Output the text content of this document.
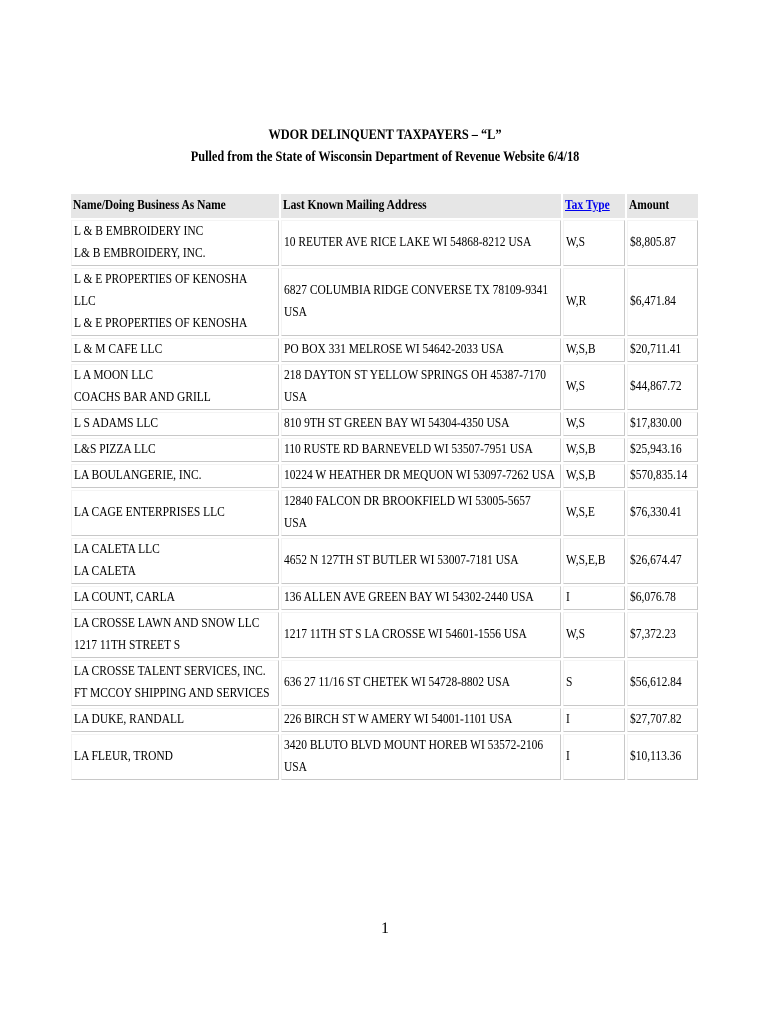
WDOR DELINQUENT TAXPAYERS – “L”
Pulled from the State of Wisconsin Department of Revenue Website 6/4/18
Name/Doing Business As Name	Last Known Mailing Address	Tax Type	Amount

L & B EMBROIDERY INC
L& B EMBROIDERY, INC.	10 REUTER AVE RICE LAKE WI 54868-8212 USA	W,S	$8,805.87

L & E PROPERTIES OF KENOSHA
LLC
L & E PROPERTIES OF KENOSHA	6827 COLUMBIA RIDGE CONVERSE TX 78109-9341
USA	W,R	$6,471.84

L & M CAFE LLC	PO BOX 331 MELROSE WI 54642-2033 USA	W,S,B	$20,711.41

L A MOON LLC
COACHS BAR AND GRILL	218 DAYTON ST YELLOW SPRINGS OH 45387-7170
USA	W,S	$44,867.72

L S ADAMS LLC	810 9TH ST GREEN BAY WI 54304-4350 USA	W,S	$17,830.00

L&S PIZZA LLC	110 RUSTE RD BARNEVELD WI 53507-7951 USA	W,S,B	$25,943.16

LA BOULANGERIE, INC.	10224 W HEATHER DR MEQUON WI 53097-7262 USA	W,S,B	$570,835.14

LA CAGE ENTERPRISES LLC	12840 FALCON DR BROOKFIELD WI 53005-5657
USA	W,S,E	$76,330.41

LA CALETA LLC
LA CALETA	4652 N 127TH ST BUTLER WI 53007-7181 USA	W,S,E,B	$26,674.47

LA COUNT, CARLA	136 ALLEN AVE GREEN BAY WI 54302-2440 USA	I	$6,076.78

LA CROSSE LAWN AND SNOW LLC
1217 11TH STREET S	1217 11TH ST S LA CROSSE WI 54601-1556 USA	W,S	$7,372.23

LA CROSSE TALENT SERVICES, INC.
FT MCCOY SHIPPING AND SERVICES	636 27 11/16 ST CHETEK WI 54728-8802 USA	S	$56,612.84

LA DUKE, RANDALL	226 BIRCH ST W AMERY WI 54001-1101 USA	I	$27,707.82

LA FLEUR, TROND	3420 BLUTO BLVD MOUNT HOREB WI 53572-2106
USA	I	$10,113.36
1
